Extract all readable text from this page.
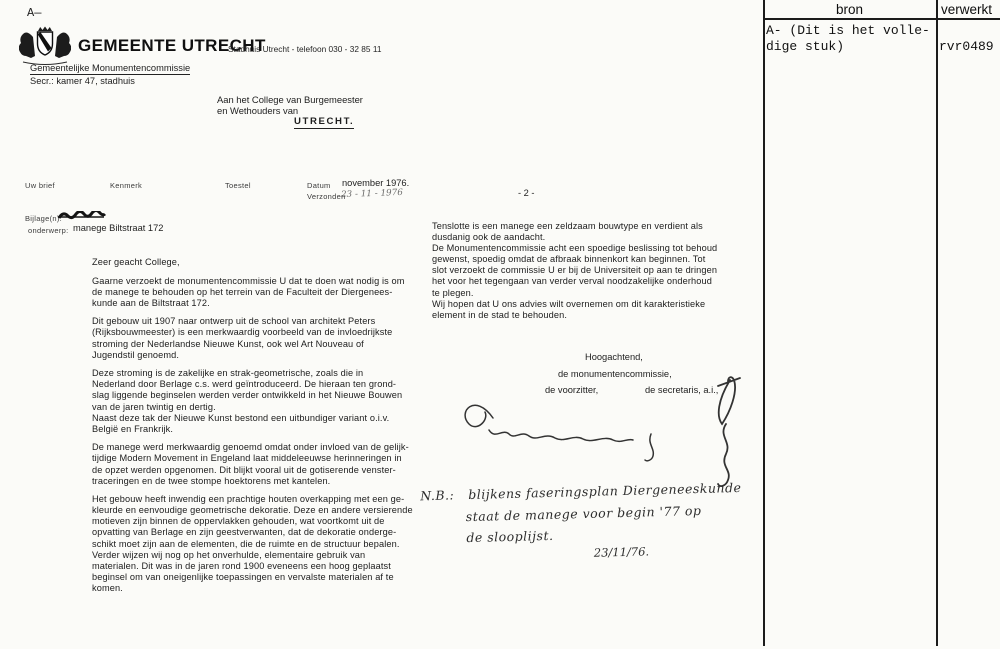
A—
GEMEENTE UTRECHT
Stadhuis Utrecht - telefoon 030 - 32 85 11
Gemeentelijke Monumentencommissie
Secr.: kamer 47, stadhuis
Aan het College van Burgemeester
en Wethouders van
UTRECHT.
Uw brief	Kenmerk	Toestel	Datum november 1976.
Verzonden
23 - 11 - 1976	- 2 -
Bijlage(n):
onderwerp: manege Biltstraat 172
Zeer geacht College,
Gaarne verzoekt de monumentencommissie U dat te doen wat nodig is om
de manege te behouden op het terrein van de Faculteit der Diergenees-
kunde aan de Biltstraat 172.
Dit gebouw uit 1907 naar ontwerp uit de school van architekt Peters
(Rijksbouwmeester) is een merkwaardig voorbeeld van de invloedrijkste
stroming der Nederlandse Nieuwe Kunst, ook wel Art Nouveau of
Jugendstil genoemd.
Deze stroming is de zakelijke en strak-geometrische, zoals die in
Nederland door Berlage c.s. werd geïntroduceerd. De hieraan ten grond-
slag liggende beginselen werden verder ontwikkeld in het Nieuwe Bouwen
van de jaren twintig en dertig.
Naast deze tak der Nieuwe Kunst bestond een uitbundiger variant o.i.v.
België en Frankrijk.
De manege werd merkwaardig genoemd omdat onder invloed van de gelijk-
tijdige Modern Movement in Engeland laat middeleeuwse herinneringen in
de opzet werden opgenomen. Dit blijkt vooral uit de gotiserende venster-
traceringen en de twee stompe hoektorens met kantelen.
Het gebouw heeft inwendig een prachtige houten overkapping met een ge-
kleurde en eenvoudige geometrische dekoratie. Deze en andere versierende
motieven zijn binnen de oppervlakken gehouden, wat voortkomt uit de
opvatting van Berlage en zijn geestverwanten, dat de dekoratie onderge-
schikt moet zijn aan de elementen, die de ruimte en de structuur bepalen.
Verder wijzen wij nog op het onverhulde, elementaire gebruik van
materialen. Dit was in de jaren rond 1900 eveneens een hoog geplaatst
beginsel om van oneigenlijke toepassingen en vervalste materialen af te
komen.
Tenslotte is een manege een zeldzaam bouwtype en verdient als
dusdanig ook de aandacht.
De Monumentencommissie acht een spoedige beslissing tot behoud
gewenst, spoedig omdat de afbraak binnenkort kan beginnen. Tot
slot verzoekt de commissie U er bij de Universiteit op aan te dringen
het voor het tegengaan van verder verval noodzakelijke onderhoud
te plegen.
Wij hopen dat U ons advies wilt overnemen om dit karakteristieke
element in de stad te behouden.
Hoogachtend,
de monumentencommissie,
de voorzitter,	de secretaris, a.i.,
N.B.: blijkens faseringsplan Diergeneeskunde
staat de manege voor begin '77 op
de slooplijst.
23/11/76.
bron	verwerkt
A- (Dit is het volle-
dige stuk)	rvr0489
